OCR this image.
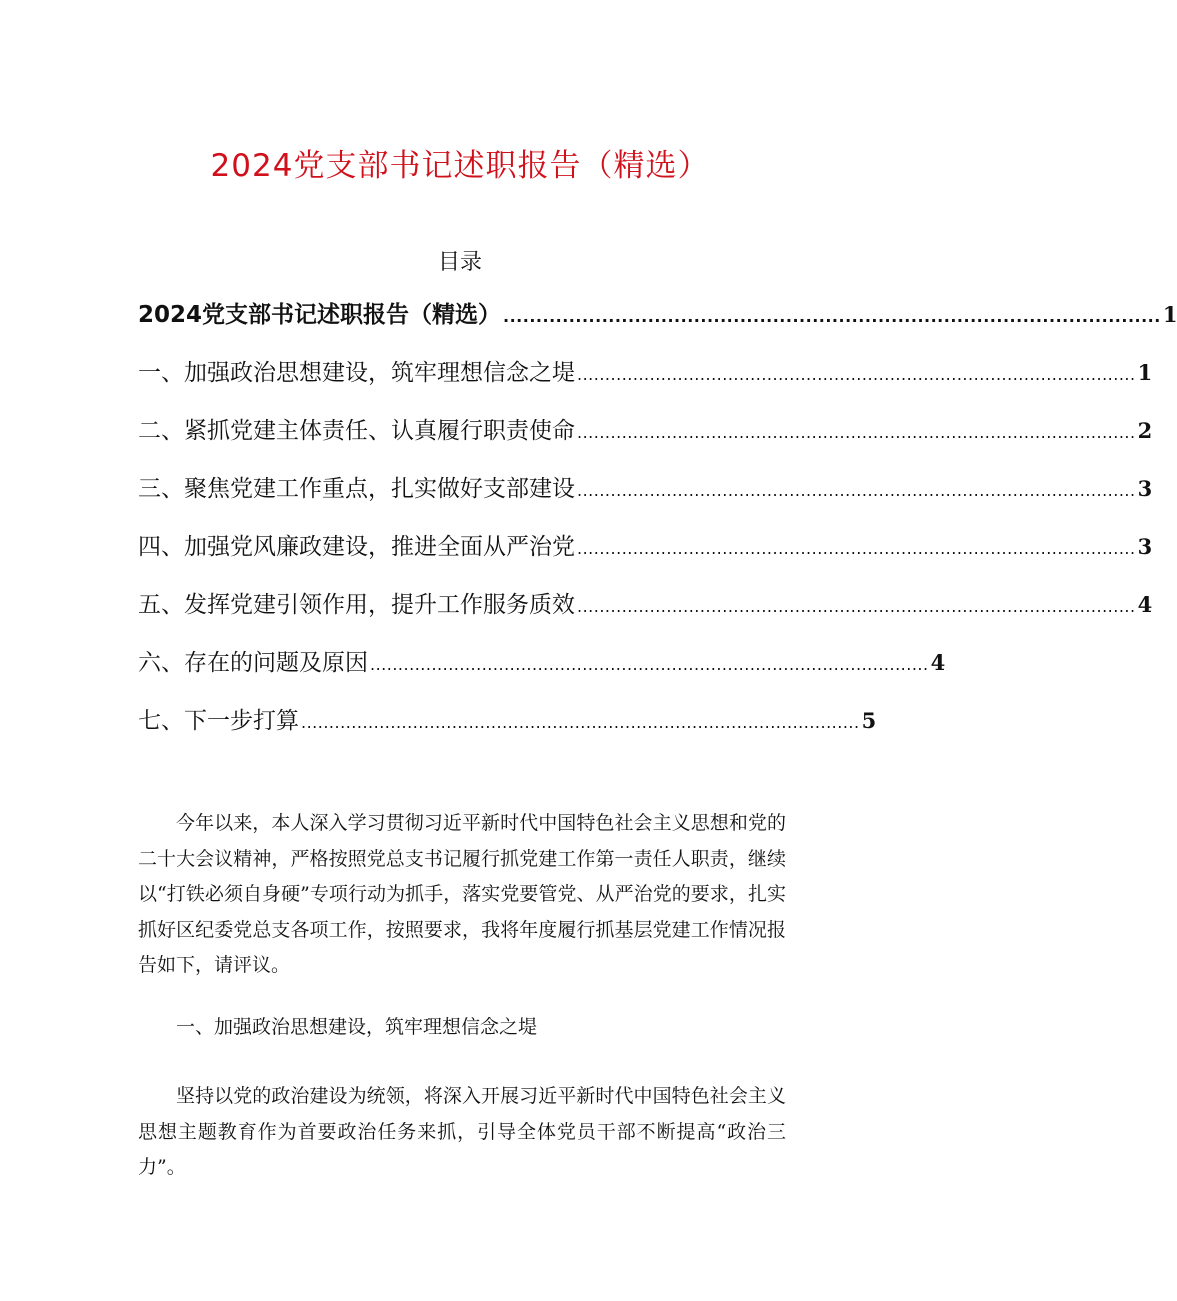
2024党支部书记述职报告（精选）
目录
2024党支部书记述职报告（精选） .................................................................................................... 1
一、加强政治思想建设，筑牢理想信念之堤 .................................................................................................... 1
二、紧抓党建主体责任、认真履行职责使命 .................................................................................................... 2
三、聚焦党建工作重点，扎实做好支部建设 .................................................................................................... 3
四、加强党风廉政建设，推进全面从严治党 .................................................................................................... 3
五、发挥党建引领作用，提升工作服务质效 .................................................................................................... 4
六、存在的问题及原因 .................................................................................................... 4
七、下一步打算 .................................................................................................... 5

今年以来，本人深入学习贯彻习近平新时代中国特色社会主义思想和党的二十大会议精神，严格按照党总支书记履行抓党建工作第一责任人职责，继续以“打铁必须自身硬”专项行动为抓手，落实党要管党、从严治党的要求，扎实抓好区纪委党总支各项工作，按照要求，我将年度履行抓基层党建工作情况报告如下，请评议。

一、加强政治思想建设，筑牢理想信念之堤

坚持以党的政治建设为统领，将深入开展习近平新时代中国特色社会主义思想主题教育作为首要政治任务来抓，引导全体党员干部不断提高“政治三力”。
